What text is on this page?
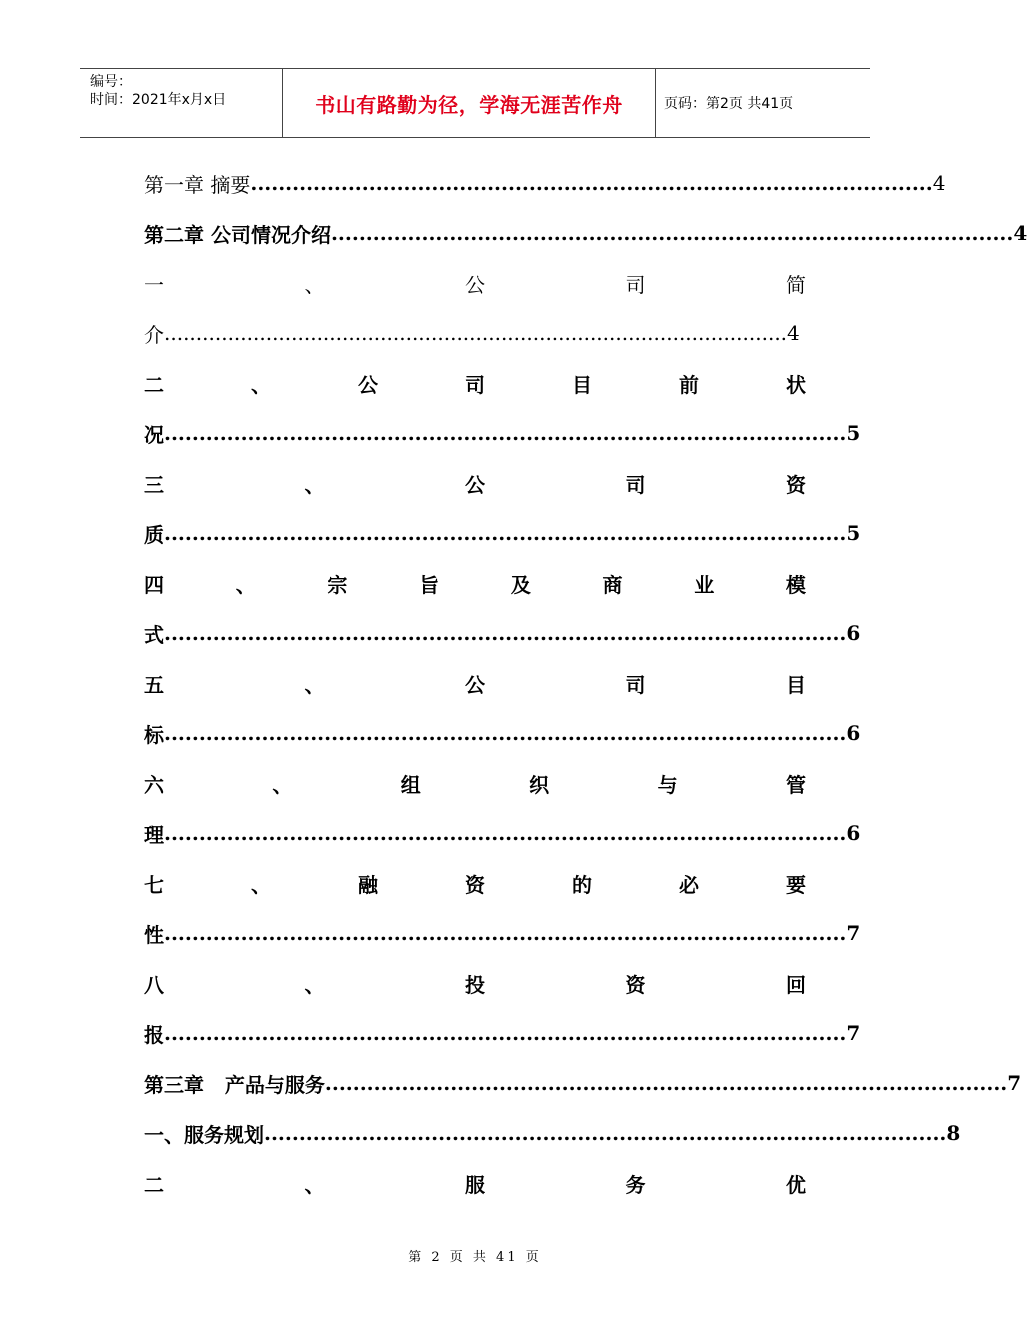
编号：
时间：2021年x月x日	书山有路勤为径，学海无涯苦作舟	页码：第2页 共41页
第一章 摘要 .................................................................................................. 4
第二章 公司情况介绍 .................................................................................................. 4
一	、	公	司	简
介 .................................................................................................. 4
二	、	公	司	目	前	状
况 .................................................................................................. 5
三	、	公	司	资
质 .................................................................................................. 5
四	、	宗	旨	及	商	业	模
式 .................................................................................................. 6
五	、	公	司	目
标 .................................................................................................. 6
六	、	组	织	与	管
理 .................................................................................................. 6
七	、	融	资	的	必	要
性 .................................................................................................. 7
八	、	投	资	回
报 .................................................................................................. 7
第三章   产品与服务 .................................................................................................. 7
一、服务规划 .................................................................................................. 8
二	、	服	务	优
第 2 页 共 41 页
